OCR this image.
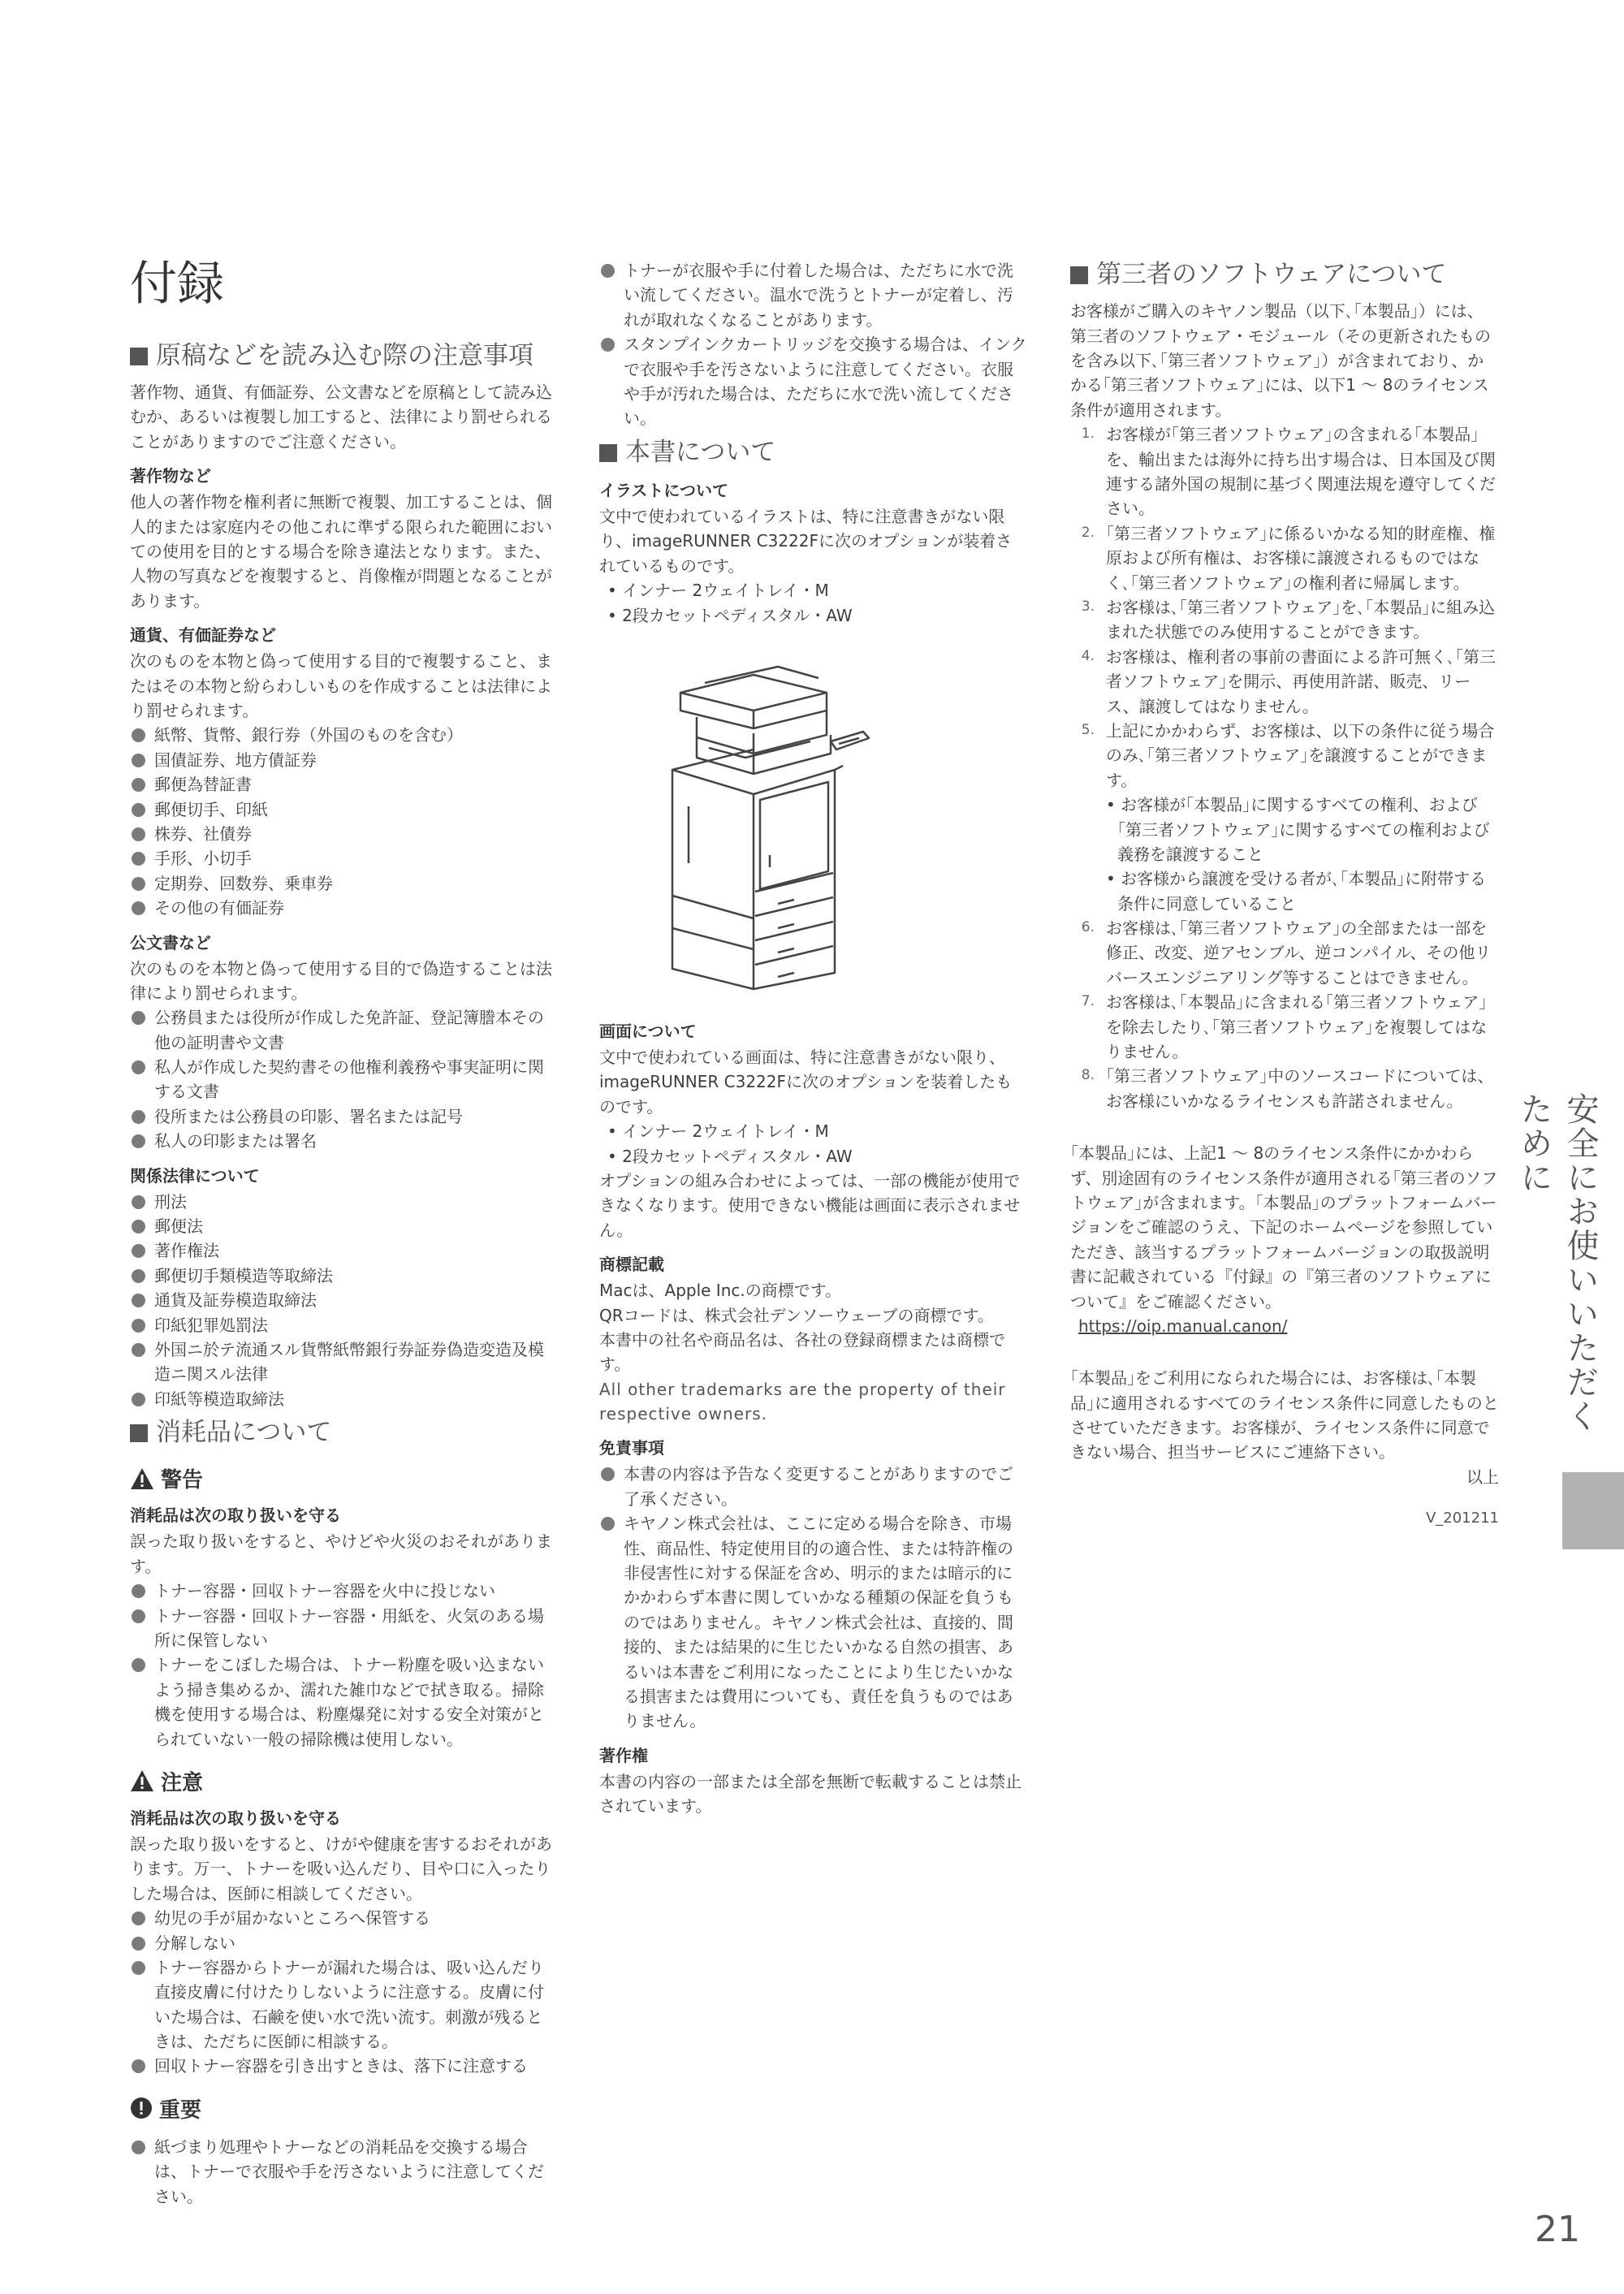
付録
原稿などを読み込む際の注意事項

著作物、通貨、有価証券、公文書などを原稿として読み込むか、あるいは複製し加工すると、法律により罰せられることがありますのでご注意ください。

著作物など

他人の著作物を権利者に無断で複製、加工することは、個人的または家庭内その他これに準ずる限られた範囲においての使用を目的とする場合を除き違法となります。また、人物の写真などを複製すると、肖像権が問題となることがあります。

通貨、有価証券など

次のものを本物と偽って使用する目的で複製すること、またはその本物と紛らわしいものを作成することは法律により罰せられます。

紙幣、貨幣、銀行券（外国のものを含む）

国債証券、地方債証券

郵便為替証書

郵便切手、印紙

株券、社債券

手形、小切手

定期券、回数券、乗車券

その他の有価証券

公文書など

次のものを本物と偽って使用する目的で偽造することは法律により罰せられます。

公務員または役所が作成した免許証、登記簿謄本その他の証明書や文書

私人が作成した契約書その他権利義務や事実証明に関する文書

役所または公務員の印影、署名または記号

私人の印影または署名

関係法律について

刑法

郵便法

著作権法

郵便切手類模造等取締法

通貨及証券模造取締法

印紙犯罪処罰法

外国ニ於テ流通スル貨幣紙幣銀行券証券偽造変造及模造ニ関スル法律

印紙等模造取締法

消耗品について
警告
消耗品は次の取り扱いを守る

誤った取り扱いをすると、やけどや火災のおそれがあります。

トナー容器・回収トナー容器を火中に投じない

トナー容器・回収トナー容器・用紙を、火気のある場所に保管しない

トナーをこぼした場合は、トナー粉塵を吸い込まないよう掃き集めるか、濡れた雑巾などで拭き取る。掃除機を使用する場合は、粉塵爆発に対する安全対策がとられていない一般の掃除機は使用しない。

注意
消耗品は次の取り扱いを守る

誤った取り扱いをすると、けがや健康を害するおそれがあります。万一、トナーを吸い込んだり、目や口に入ったりした場合は、医師に相談してください。

幼児の手が届かないところへ保管する

分解しない

トナー容器からトナーが漏れた場合は、吸い込んだり直接皮膚に付けたりしないように注意する。皮膚に付いた場合は、石鹸を使い水で洗い流す。刺激が残るときは、ただちに医師に相談する。

回収トナー容器を引き出すときは、落下に注意する

重要

紙づまり処理やトナーなどの消耗品を交換する場合は、トナーで衣服や手を汚さないように注意してください。

トナーが衣服や手に付着した場合は、ただちに水で洗い流してください。温水で洗うとトナーが定着し、汚れが取れなくなることがあります。

スタンプインクカートリッジを交換する場合は、インクで衣服や手を汚さないように注意してください。衣服や手が汚れた場合は、ただちに水で洗い流してください。

本書について
イラストについて

文中で使われているイラストは、特に注意書きがない限り、imageRUNNER C3222Fに次のオプションが装着されているものです。

• インナー 2ウェイトレイ・M

• 2段カセットペディスタル・AW

画面について

文中で使われている画面は、特に注意書きがない限り、imageRUNNER C3222Fに次のオプションを装着したものです。

• インナー 2ウェイトレイ・M

• 2段カセットペディスタル・AW

オプションの組み合わせによっては、一部の機能が使用できなくなります。使用できない機能は画面に表示されません。

商標記載

Macは、Apple Inc.の商標です。

QRコードは、株式会社デンソーウェーブの商標です。

本書中の社名や商品名は、各社の登録商標または商標です。

All other trademarks are the property of their respective owners.

免責事項

本書の内容は予告なく変更することがありますのでご了承ください。

キヤノン株式会社は、ここに定める場合を除き、市場性、商品性、特定使用目的の適合性、または特許権の非侵害性に対する保証を含め、明示的または暗示的にかかわらず本書に関していかなる種類の保証を負うものではありません。キヤノン株式会社は、直接的、間接的、または結果的に生じたいかなる自然の損害、あるいは本書をご利用になったことにより生じたいかなる損害または費用についても、責任を負うものではありません。

著作権

本書の内容の一部または全部を無断で転載することは禁止されています。

第三者のソフトウェアについて

お客様がご購入のキヤノン製品（以下､｢本製品｣）には、第三者のソフトウェア・モジュール（その更新されたものを含み以下､｢第三者ソフトウェア｣）が含まれており、かかる｢第三者ソフトウェア｣には、以下1 ～ 8のライセンス条件が適用されます。

1. お客様が｢第三者ソフトウェア｣の含まれる｢本製品｣を、輸出または海外に持ち出す場合は、日本国及び関連する諸外国の規制に基づく関連法規を遵守してください。

2. ｢第三者ソフトウェア｣に係るいかなる知的財産権、権原および所有権は、お客様に譲渡されるものではなく､｢第三者ソフトウェア｣の権利者に帰属します。

3. お客様は､｢第三者ソフトウェア｣を､｢本製品｣に組み込まれた状態でのみ使用することができます。

4. お客様は、権利者の事前の書面による許可無く､｢第三者ソフトウェア｣を開示、再使用許諾、販売、リース、譲渡してはなりません。

5. 上記にかかわらず、お客様は、以下の条件に従う場合のみ､｢第三者ソフトウェア｣を譲渡することができます。

• お客様が｢本製品｣に関するすべての権利、および｢第三者ソフトウェア｣に関するすべての権利および義務を譲渡すること

• お客様から譲渡を受ける者が､｢本製品｣に附帯する条件に同意していること

6. お客様は､｢第三者ソフトウェア｣の全部または一部を修正、改変、逆アセンブル、逆コンパイル、その他リバースエンジニアリング等することはできません。

7. お客様は､｢本製品｣に含まれる｢第三者ソフトウェア｣を除去したり､｢第三者ソフトウェア｣を複製してはなりません。

8. ｢第三者ソフトウェア｣中のソースコードについては、お客様にいかなるライセンスも許諾されません。

｢本製品｣には、上記1 ～ 8のライセンス条件にかかわらず、別途固有のライセンス条件が適用される｢第三者のソフトウェア｣が含まれます。｢本製品｣のプラットフォームバージョンをご確認のうえ、下記のホームページを参照していただき、該当するプラットフォームバージョンの取扱説明書に記載されている『付録』の『第三者のソフトウェアについて』をご確認ください。

https://oip.manual.canon/

｢本製品｣をご利用になられた場合には、お客様は､｢本製品｣に適用されるすべてのライセンス条件に同意したものとさせていただきます。お客様が、ライセンス条件に同意できない場合、担当サービスにご連絡下さい。

以上

V_201211

安全にお使いいただくために
21
